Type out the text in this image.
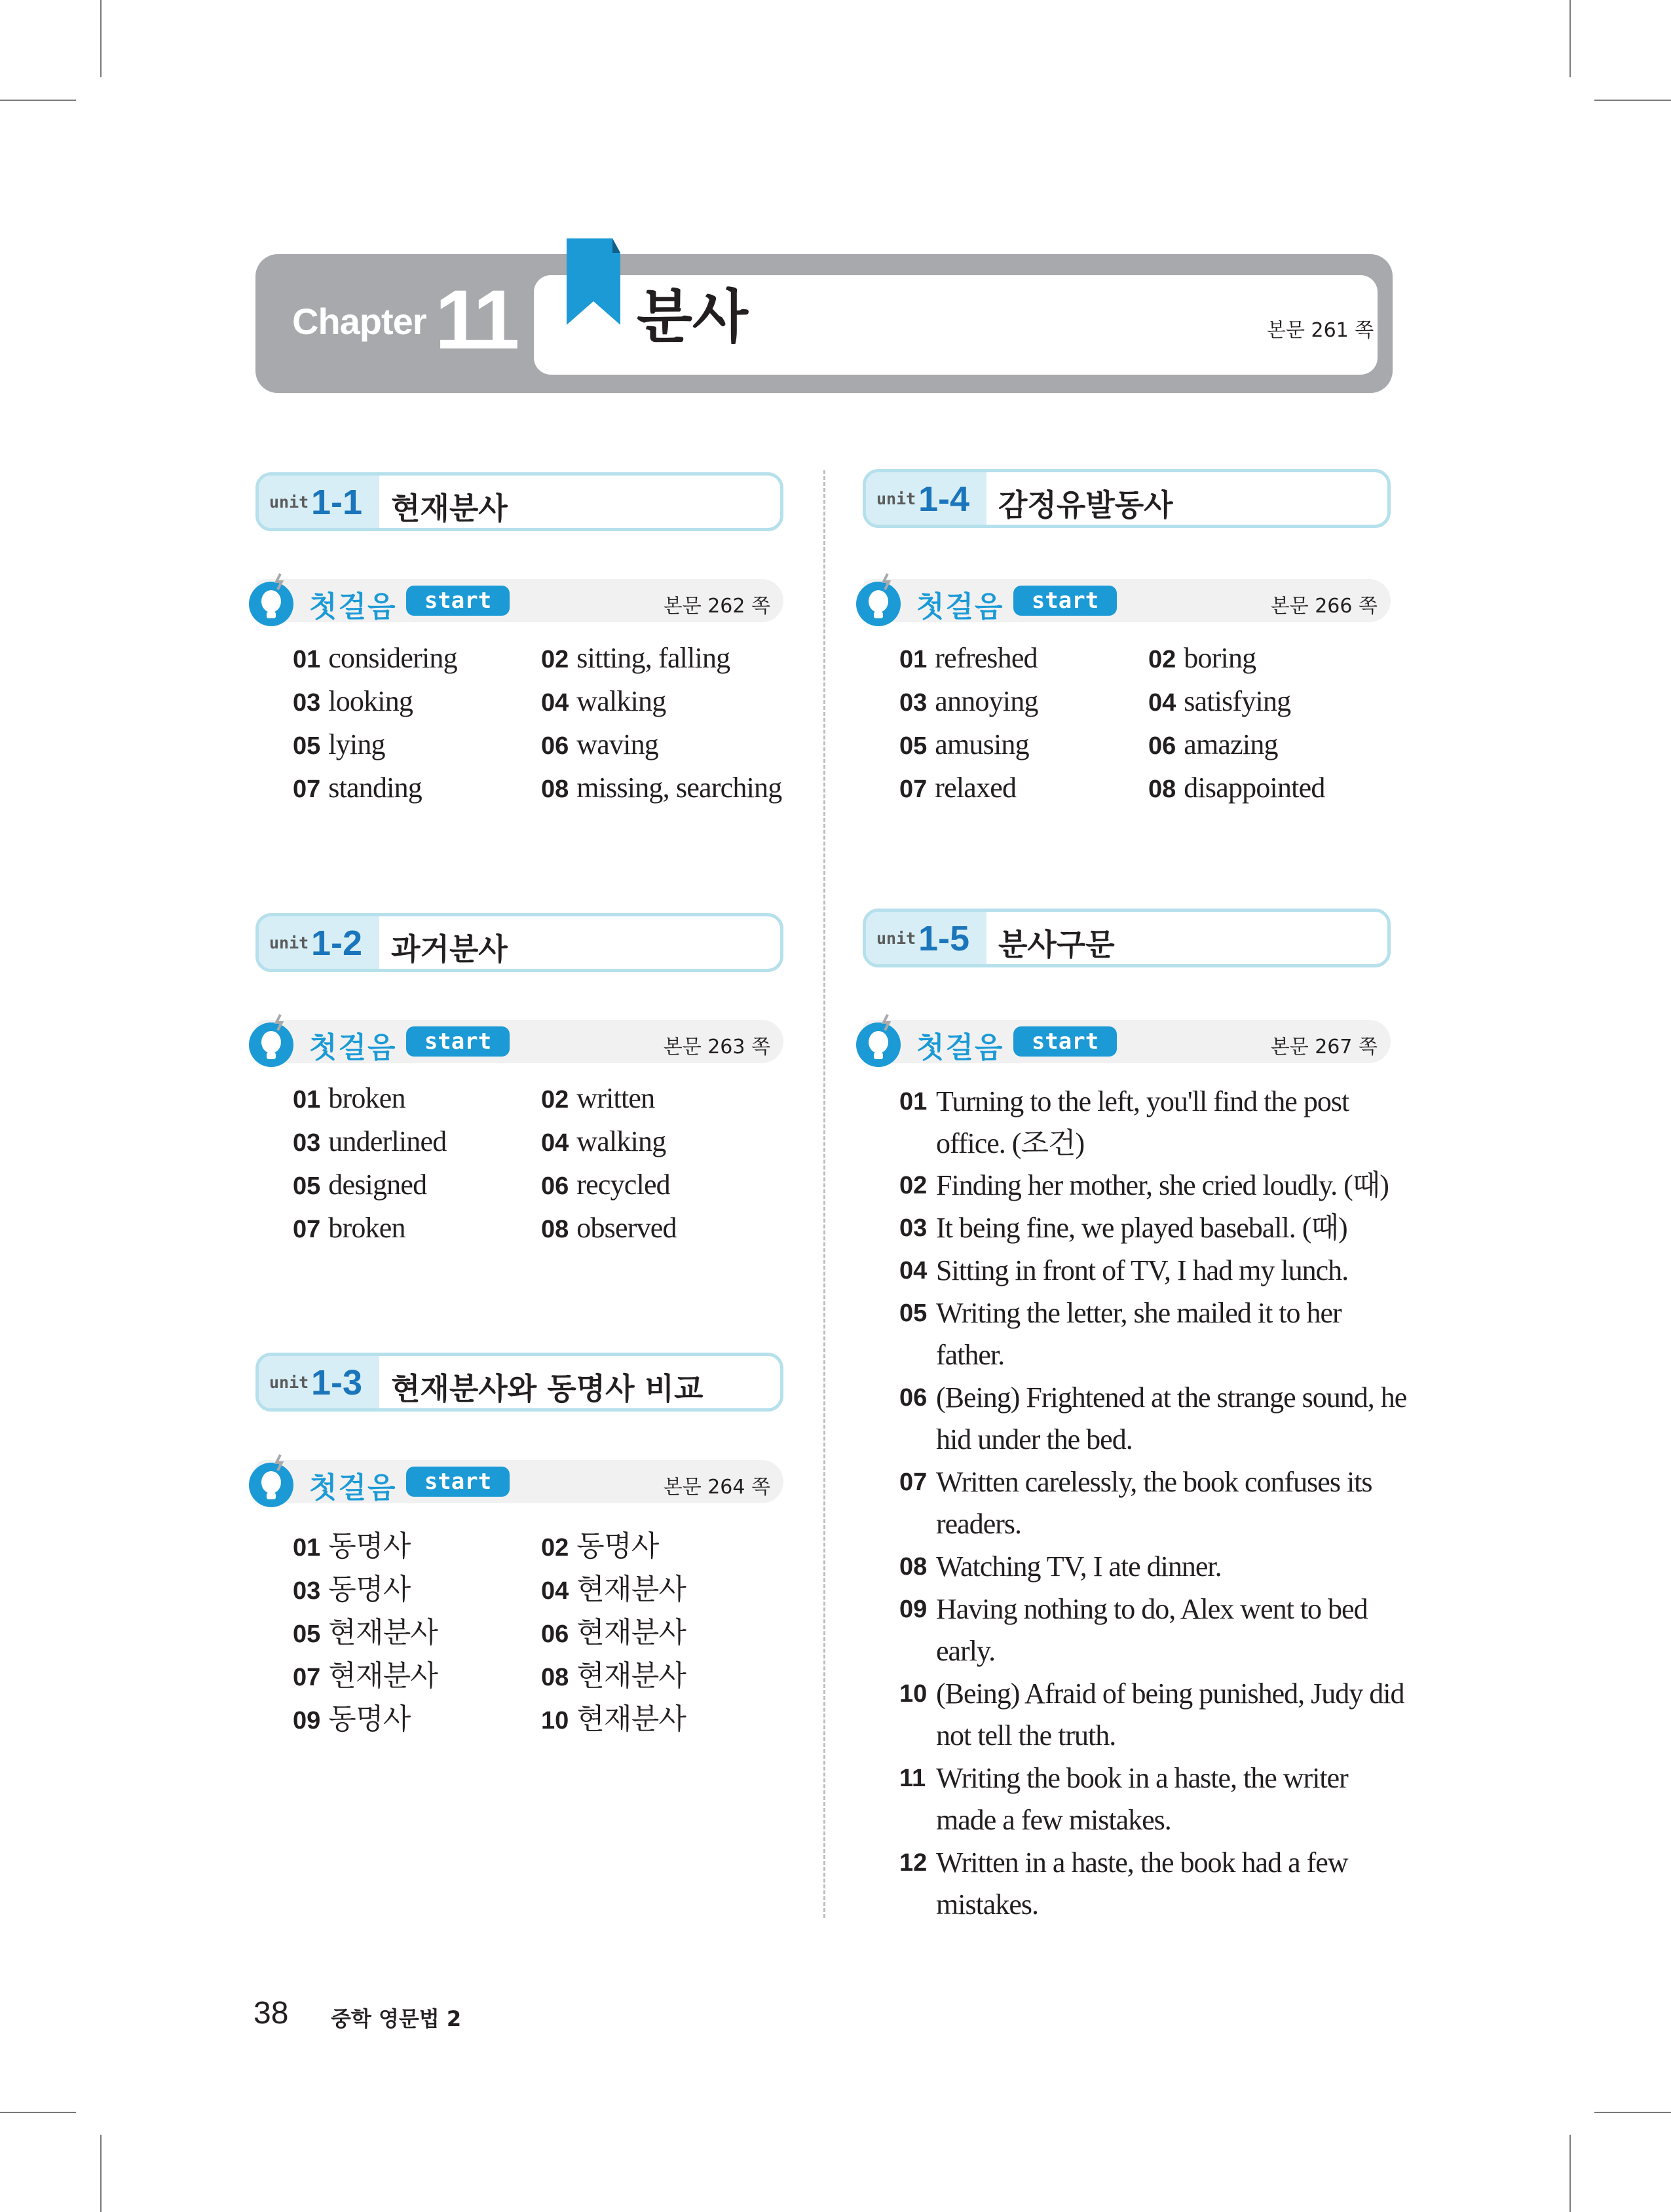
Chapter 11 분사	본문 261 쪽
unit 1-1 현재분사
첫걸음	start	본문 262 쪽
01 considering	02 sitting, falling
03 looking	04 walking
05 lying	06 waving
07 standing	08 missing, searching
unit 1-2 과거분사
첫걸음	start	본문 263 쪽
01 broken	02 written
03 underlined	04 walking
05 designed	06 recycled
07 broken	08 observed
unit 1-3 현재분사와 동명사 비교
첫걸음	start	본문 264 쪽
01 동명사	02 동명사
03 동명사	04 현재분사
05 현재분사	06 현재분사
07 현재분사	08 현재분사
09 동명사	10 현재분사
unit 1-4 감정유발동사
첫걸음	start	본문 266 쪽
01 refreshed	02 boring
03 annoying	04 satisfying
05 amusing	06 amazing
07 relaxed	08 disappointed
unit 1-5 분사구문
첫걸음	start	본문 267 쪽
01 Turning to the left, you'll find the post office. (조건)
02 Finding her mother, she cried loudly. (때)
03 It being fine, we played baseball. (때)
04 Sitting in front of TV, I had my lunch.
05 Writing the letter, she mailed it to her father.
06 (Being) Frightened at the strange sound, he hid under the bed.
07 Written carelessly, the book confuses its readers.
08 Watching TV, I ate dinner.
09 Having nothing to do, Alex went to bed early.
10 (Being) Afraid of being punished, Judy did not tell the truth.
11 Writing the book in a haste, the writer made a few mistakes.
12 Written in a haste, the book had a few mistakes.
38 중학 영문법 2
